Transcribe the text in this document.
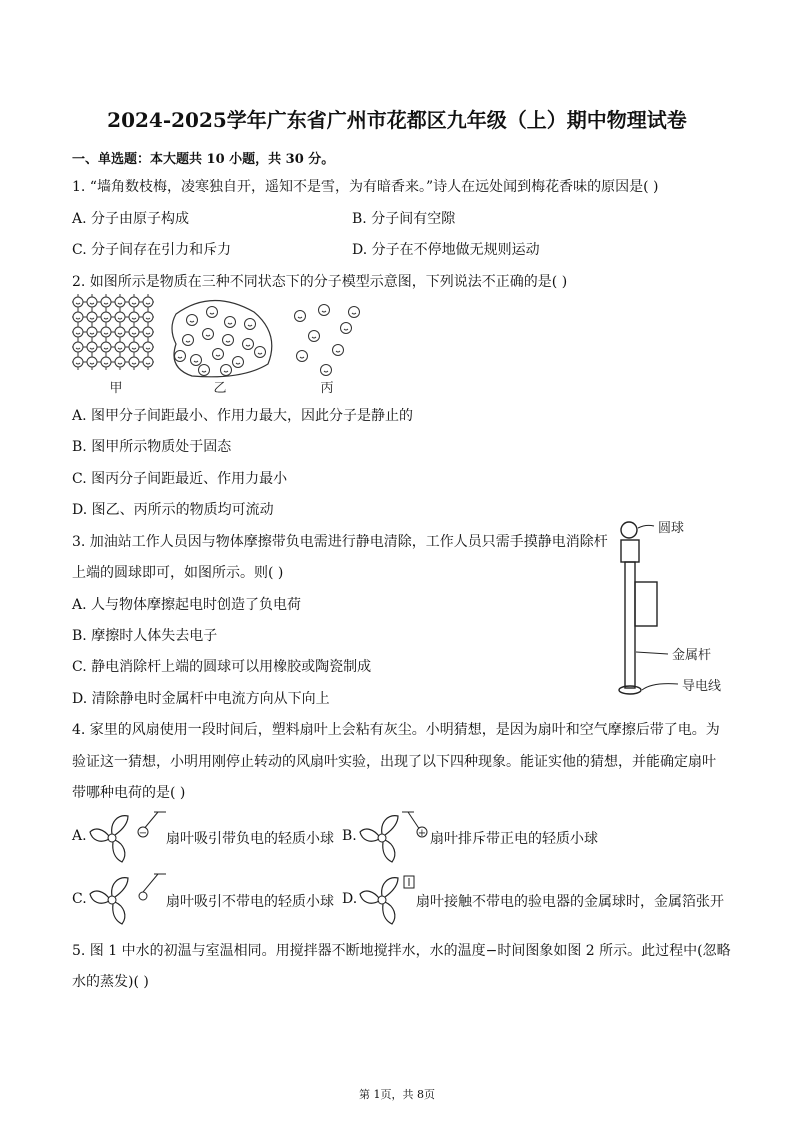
2024-2025学年广东省广州市花都区九年级（上）期中物理试卷
一、单选题：本大题共 10 小题，共 30 分。
1. “墙角数枝梅，凌寒独自开，遥知不是雪，为有暗香来。”诗人在远处闻到梅花香味的原因是( )
A. 分子由原子构成	B. 分子间有空隙
C. 分子间存在引力和斥力	D. 分子在不停地做无规则运动
2. 如图所示是物质在三种不同状态下的分子模型示意图，下列说法不正确的是( )
甲	乙	丙
A. 图甲分子间距最小、作用力最大，因此分子是静止的
B. 图甲所示物质处于固态
C. 图丙分子间距最近、作用力最小
D. 图乙、丙所示的物质均可流动
3. 加油站工作人员因与物体摩擦带负电需进行静电清除，工作人员只需手摸静电消除杆
上端的圆球即可，如图所示。则( )
A. 人与物体摩擦起电时创造了负电荷
B. 摩擦时人体失去电子
C. 静电消除杆上端的圆球可以用橡胶或陶瓷制成
D. 清除静电时金属杆中电流方向从下向上
圆球
金属杆
导电线
4. 家里的风扇使用一段时间后，塑料扇叶上会粘有灰尘。小明猜想，是因为扇叶和空气摩擦后带了电。为
验证这一猜想，小明用刚停止转动的风扇叶实验，出现了以下四种现象。能证实他的猜想，并能确定扇叶
带哪种电荷的是( )
A.	− 扇叶吸引带负电的轻质小球 B.	+ 扇叶排斥带正电的轻质小球
C.	扇叶吸引不带电的轻质小球 D.	扇叶接触不带电的验电器的金属球时，金属箔张开
5. 图 1 中水的初温与室温相同。用搅拌器不断地搅拌水，水的温度−时间图象如图 2 所示。此过程中(忽略
水的蒸发)( )
第 1页，共 8页
